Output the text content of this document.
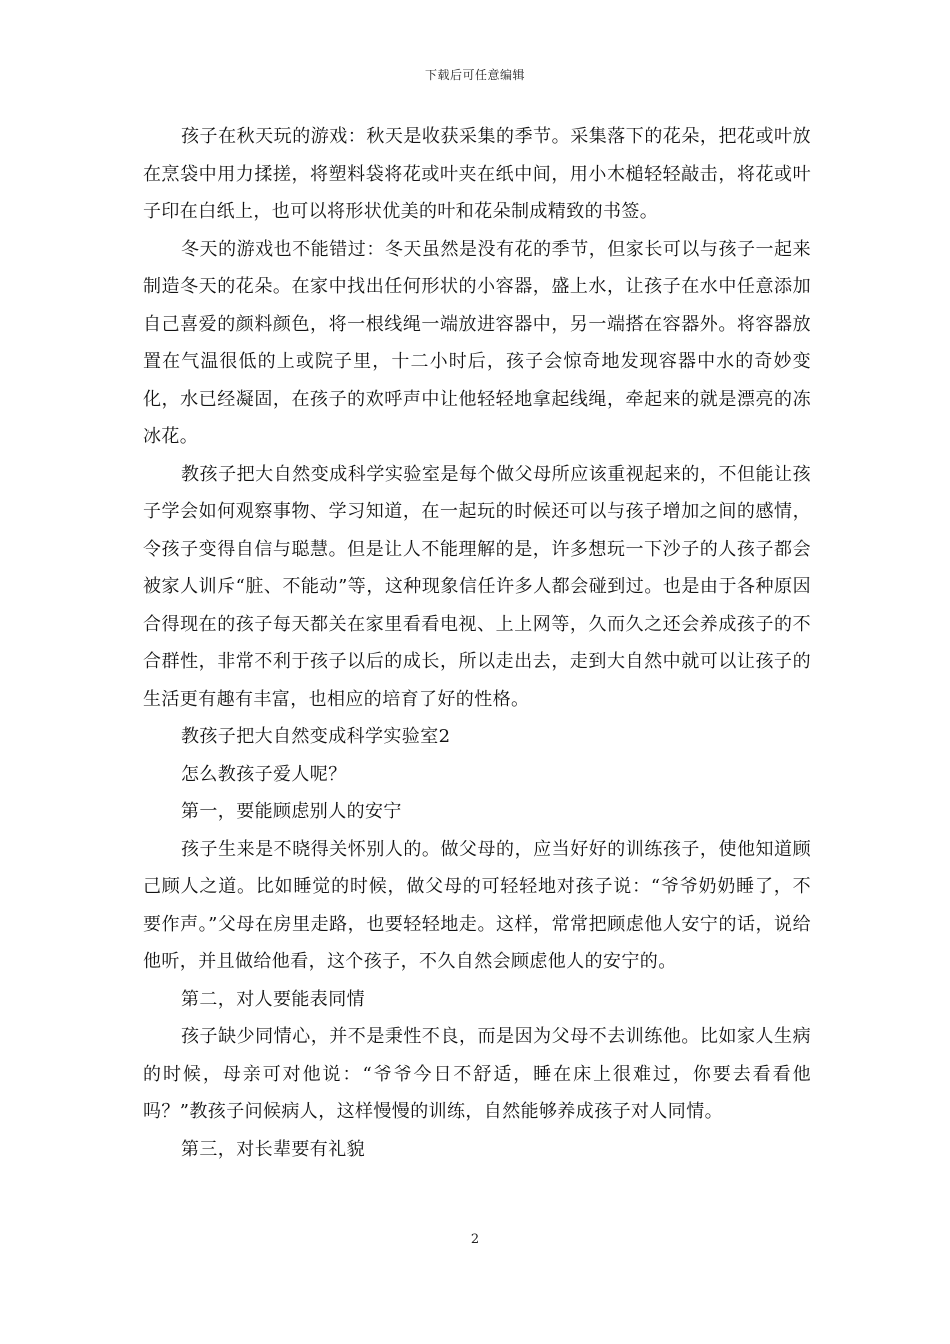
下载后可任意编辑

孩子在秋天玩的游戏：秋天是收获采集的季节。采集落下的花朵，把花或叶放在烹袋中用力揉搓，将塑料袋将花或叶夹在纸中间，用小木槌轻轻敲击，将花或叶子印在白纸上，也可以将形状优美的叶和花朵制成精致的书签。

冬天的游戏也不能错过：冬天虽然是没有花的季节，但家长可以与孩子一起来制造冬天的花朵。在家中找出任何形状的小容器，盛上水，让孩子在水中任意添加自己喜爱的颜料颜色，将一根线绳一端放进容器中，另一端搭在容器外。将容器放置在气温很低的上或院子里，十二小时后，孩子会惊奇地发现容器中水的奇妙变化，水已经凝固，在孩子的欢呼声中让他轻轻地拿起线绳，牵起来的就是漂亮的冻冰花。

教孩子把大自然变成科学实验室是每个做父母所应该重视起来的，不但能让孩子学会如何观察事物、学习知道，在一起玩的时候还可以与孩子增加之间的感情，令孩子变得自信与聪慧。但是让人不能理解的是，许多想玩一下沙子的人孩子都会被家人训斥“脏、不能动”等，这种现象信任许多人都会碰到过。也是由于各种原因合得现在的孩子每天都关在家里看看电视、上上网等，久而久之还会养成孩子的不合群性，非常不利于孩子以后的成长，所以走出去，走到大自然中就可以让孩子的生活更有趣有丰富，也相应的培育了好的性格。

教孩子把大自然变成科学实验室2

怎么教孩子爱人呢？

第一，要能顾虑别人的安宁

孩子生来是不晓得关怀别人的。做父母的，应当好好的训练孩子，使他知道顾己顾人之道。比如睡觉的时候，做父母的可轻轻地对孩子说：“爷爷奶奶睡了，不要作声。”父母在房里走路，也要轻轻地走。这样，常常把顾虑他人安宁的话，说给他听，并且做给他看，这个孩子，不久自然会顾虑他人的安宁的。

第二，对人要能表同情

孩子缺少同情心，并不是秉性不良，而是因为父母不去训练他。比如家人生病的时候，母亲可对他说：“爷爷今日不舒适，睡在床上很难过，你要去看看他吗？”教孩子问候病人，这样慢慢的训练，自然能够养成孩子对人同情。

第三，对长辈要有礼貌

2
